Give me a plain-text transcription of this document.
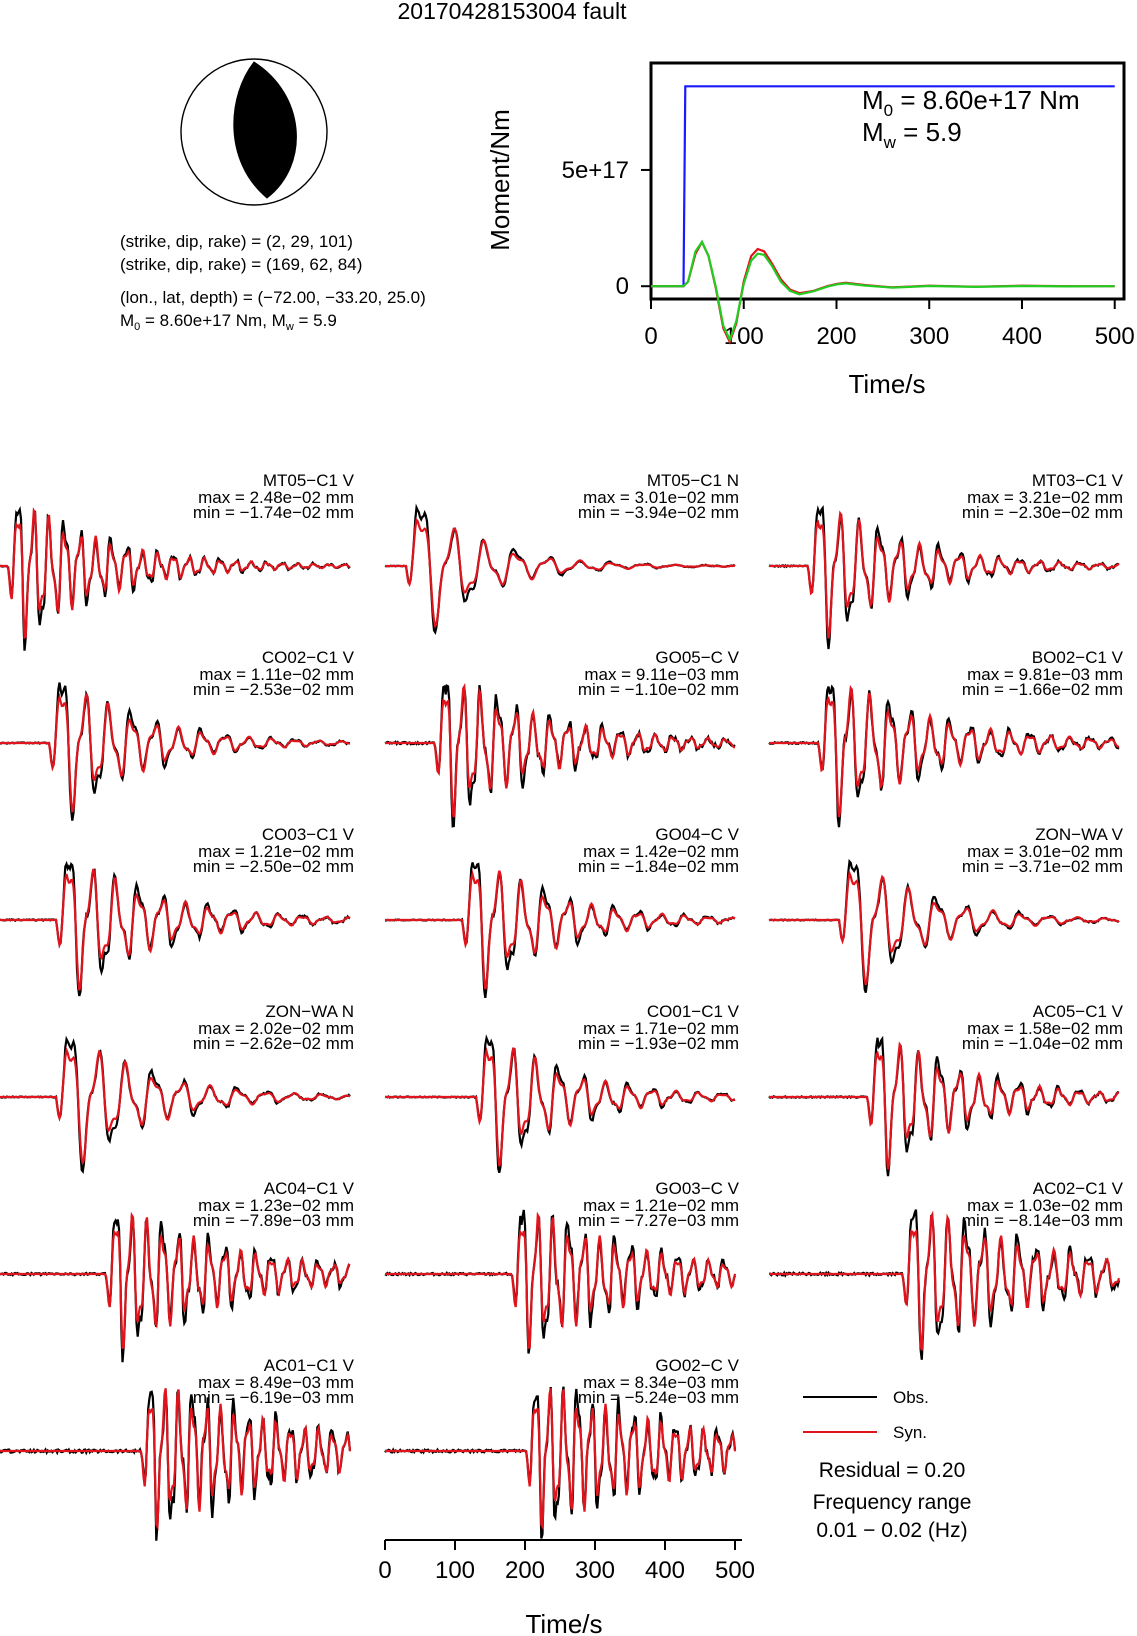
20170428153004 fault
(strike, dip, rake) = (2, 29, 101)
(strike, dip, rake) = (169, 62, 84)
(lon., lat, depth) = (−72.00, −33.20, 25.0)
$M_0 = 8.60e+17$ Nm, $M_w = 5.9$
0	100 200 300 400 500
0
5e+17
Moment/Nm
Time/s
$M_0 = 8.60e+17$ Nm
$M_w = 5.9$
MT05−C1 V
max = 2.48e−02 mm
min = −1.74e−02 mm
MT05−C1 N
max = 3.01e−02 mm
min = −3.94e−02 mm
MT03−C1 V
max = 3.21e−02 mm
min = −2.30e−02 mm
CO02−C1 V
max = 1.11e−02 mm
min = −2.53e−02 mm
GO05−C V
max = 9.11e−03 mm
min = −1.10e−02 mm
BO02−C1 V
max = 9.81e−03 mm
min = −1.66e−02 mm
CO03−C1 V
max = 1.21e−02 mm
min = −2.50e−02 mm
GO04−C V
max = 1.42e−02 mm
min = −1.84e−02 mm
ZON−WA V
max = 3.01e−02 mm
min = −3.71e−02 mm
ZON−WA N
max = 2.02e−02 mm
min = −2.62e−02 mm
CO01−C1 V
max = 1.71e−02 mm
min = −1.93e−02 mm
AC05−C1 V
max = 1.58e−02 mm
min = −1.04e−02 mm
AC04−C1 V
max = 1.23e−02 mm
min = −7.89e−03 mm
GO03−C V
max = 1.21e−02 mm
min = −7.27e−03 mm
AC02−C1 V
max = 1.03e−02 mm
min = −8.14e−03 mm
AC01−C1 V
max = 8.49e−03 mm
min = −6.19e−03 mm
GO02−C V
max = 8.34e−03 mm
min = −5.24e−03 mm
Time/s
0 100 200 300 400 500
Obs.
Syn.
Residual = 0.20
Frequency range
0.01 − 0.02 (Hz)
